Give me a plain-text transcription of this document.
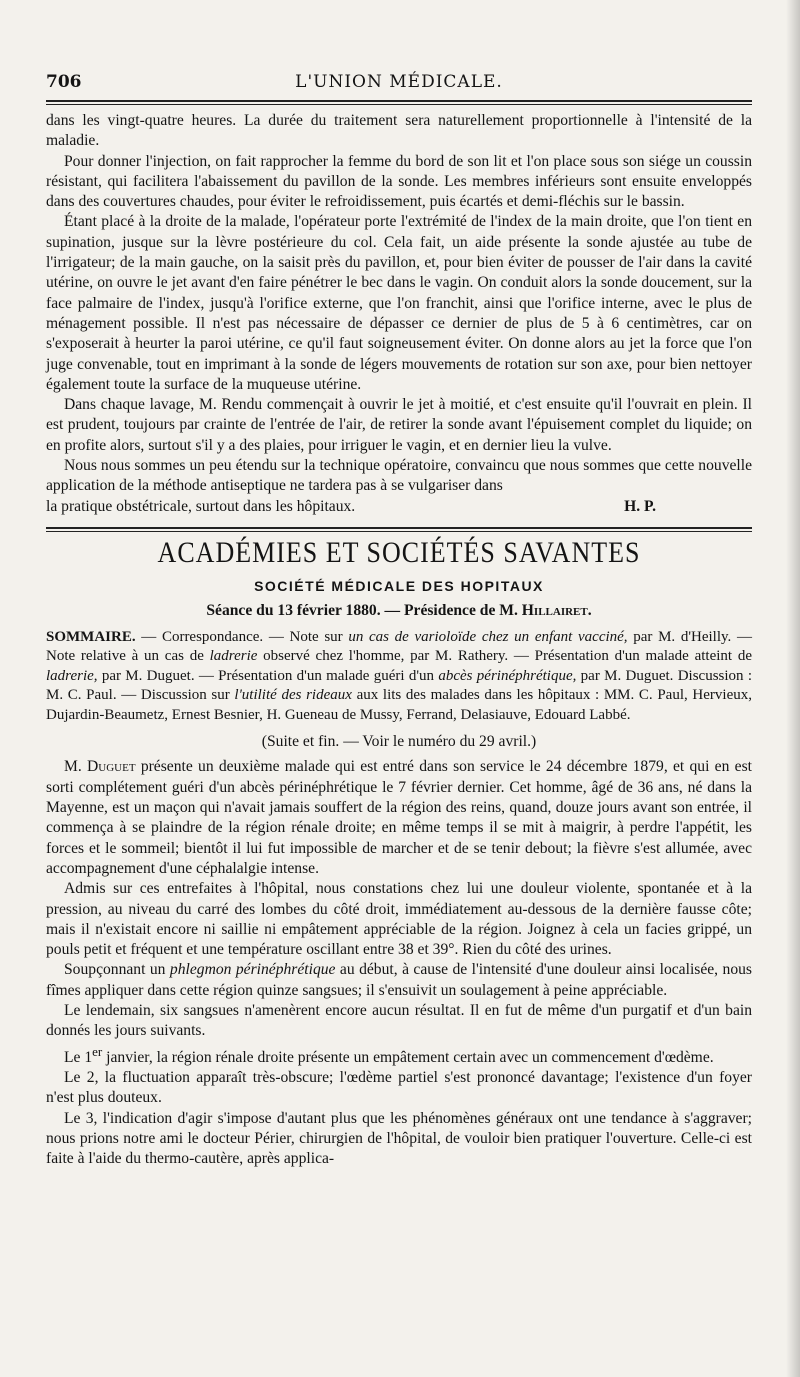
706	L'UNION MÉDICALE.

dans les vingt-quatre heures. La durée du traitement sera naturellement proportionnelle à l'intensité de la maladie.

Pour donner l'injection, on fait rapprocher la femme du bord de son lit et l'on place sous son siége un coussin résistant, qui facilitera l'abaissement du pavillon de la sonde. Les membres inférieurs sont ensuite enveloppés dans des couvertures chaudes, pour éviter le refroidissement, puis écartés et demi-fléchis sur le bassin.

Étant placé à la droite de la malade, l'opérateur porte l'extrémité de l'index de la main droite, que l'on tient en supination, jusque sur la lèvre postérieure du col. Cela fait, un aide présente la sonde ajustée au tube de l'irrigateur; de la main gauche, on la saisit près du pavillon, et, pour bien éviter de pousser de l'air dans la cavité utérine, on ouvre le jet avant d'en faire pénétrer le bec dans le vagin. On conduit alors la sonde doucement, sur la face palmaire de l'index, jusqu'à l'orifice externe, que l'on franchit, ainsi que l'orifice interne, avec le plus de ménagement possible. Il n'est pas nécessaire de dépasser ce dernier de plus de 5 à 6 centimètres, car on s'exposerait à heurter la paroi utérine, ce qu'il faut soigneusement éviter. On donne alors au jet la force que l'on juge convenable, tout en imprimant à la sonde de légers mouvements de rotation sur son axe, pour bien nettoyer également toute la surface de la muqueuse utérine.

Dans chaque lavage, M. Rendu commençait à ouvrir le jet à moitié, et c'est ensuite qu'il l'ouvrait en plein. Il est prudent, toujours par crainte de l'entrée de l'air, de retirer la sonde avant l'épuisement complet du liquide; on en profite alors, surtout s'il y a des plaies, pour irriguer le vagin, et en dernier lieu la vulve.

Nous nous sommes un peu étendu sur la technique opératoire, convaincu que nous sommes que cette nouvelle application de la méthode antiseptique ne tardera pas à se vulgariser dans

la pratique obstétricale, surtout dans les hôpitaux.	H. P.

ACADÉMIES ET SOCIÉTÉS SAVANTES
SOCIÉTÉ MÉDICALE DES HOPITAUX
Séance du 13 février 1880. — Présidence de M. Hillairet.

SOMMAIRE. — Correspondance. — Note sur un cas de varioloïde chez un enfant vacciné, par M. d'Heilly. — Note relative à un cas de ladrerie observé chez l'homme, par M. Rathery. — Présentation d'un malade atteint de ladrerie, par M. Duguet. — Présentation d'un malade guéri d'un abcès périnéphrétique, par M. Duguet. Discussion : M. C. Paul. — Discussion sur l'utilité des rideaux aux lits des malades dans les hôpitaux : MM. C. Paul, Hervieux, Dujardin-Beaumetz, Ernest Besnier, H. Gueneau de Mussy, Ferrand, Delasiauve, Edouard Labbé.

(Suite et fin. — Voir le numéro du 29 avril.)

M. Duguet présente un deuxième malade qui est entré dans son service le 24 décembre 1879, et qui en est sorti complétement guéri d'un abcès périnéphrétique le 7 février dernier. Cet homme, âgé de 36 ans, né dans la Mayenne, est un maçon qui n'avait jamais souffert de la région des reins, quand, douze jours avant son entrée, il commença à se plaindre de la région rénale droite; en même temps il se mit à maigrir, à perdre l'appétit, les forces et le sommeil; bientôt il lui fut impossible de marcher et de se tenir debout; la fièvre s'est allumée, avec accompagnement d'une céphalalgie intense.

Admis sur ces entrefaites à l'hôpital, nous constations chez lui une douleur violente, spontanée et à la pression, au niveau du carré des lombes du côté droit, immédiatement au-dessous de la dernière fausse côte; mais il n'existait encore ni saillie ni empâtement appréciable de la région. Joignez à cela un facies grippé, un pouls petit et fréquent et une température oscillant entre 38 et 39°. Rien du côté des urines.

Soupçonnant un phlegmon périnéphrétique au début, à cause de l'intensité d'une douleur ainsi localisée, nous fîmes appliquer dans cette région quinze sangsues; il s'ensuivit un soulagement à peine appréciable.

Le lendemain, six sangsues n'amenèrent encore aucun résultat. Il en fut de même d'un purgatif et d'un bain donnés les jours suivants.

Le 1er janvier, la région rénale droite présente un empâtement certain avec un commencement d'œdème.

Le 2, la fluctuation apparaît très-obscure; l'œdème partiel s'est prononcé davantage; l'existence d'un foyer n'est plus douteux.

Le 3, l'indication d'agir s'impose d'autant plus que les phénomènes généraux ont une tendance à s'aggraver; nous prions notre ami le docteur Périer, chirurgien de l'hôpital, de vouloir bien pratiquer l'ouverture. Celle-ci est faite à l'aide du thermo-cautère, après applica-
